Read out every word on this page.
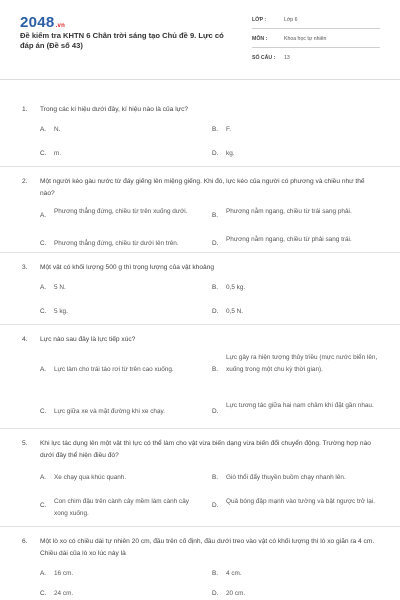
2048.vn
Đề kiểm tra KHTN 6 Chân trời sáng tạo Chủ đề 9. Lực có đáp án (Đề số 43)
LỚP :	Lớp 6
MÔN :	Khoa học tự nhiên
SỐ CÂU : 13
1. Trong các kí hiệu dưới đây, kí hiệu nào là của lực?
A. N.	B. F.
C. m.	D. kg.
2. Một người kéo gàu nước từ đáy giếng lên miệng giếng. Khi đó, lực kéo của người có phương và chiều như thế nào?
A.
Phương thẳng đứng, chiều từ trên xuống dưới.
B.
Phương nằm ngang, chiều từ trái sang phải.
C. Phương thẳng đứng, chiều từ dưới lên trên.	D.
Phương nằm ngang, chiều từ phải sang trái.
3. Một vật có khối lượng 500 g thì trọng lượng của vật khoảng
A. 5 N.	B. 0,5 kg.
C. 5 kg.	D. 0,5 N.
4. Lực nào sau đây là lực tiếp xúc?
A. Lực làm cho trái táo rơi từ trên cao xuống.	B.
Lực gây ra hiện tượng thủy triều (mực nước biển lên, xuống trong một chu kỳ thời gian).
C. Lực giữa xe và mặt đường khi xe chạy.	D.
Lực tương tác giữa hai nam châm khi đặt gần nhau.
5. Khi lực tác dụng lên một vật thì lực có thể làm cho vật vừa biến dạng vừa biến đổi chuyển động. Trường hợp nào dưới đây thể hiện điều đó?
A. Xe chạy qua khúc quanh.	B. Gió thổi đẩy thuyền buồm chạy nhanh lên.
C.
Con chim đậu trên cành cây mềm làm cành cây xong xuống.
D.
Quả bóng đập mạnh vào tường và bật ngược trở lại.
6. Một lò xo có chiều dài tự nhiên 20 cm, đầu trên cố định, đầu dưới treo vào vật có khối lượng thì lò xo giãn ra 4 cm. Chiều dài của lò xo lúc này là
A. 16 cm.	B. 4 cm.
C. 24 cm.	D. 20 cm.
